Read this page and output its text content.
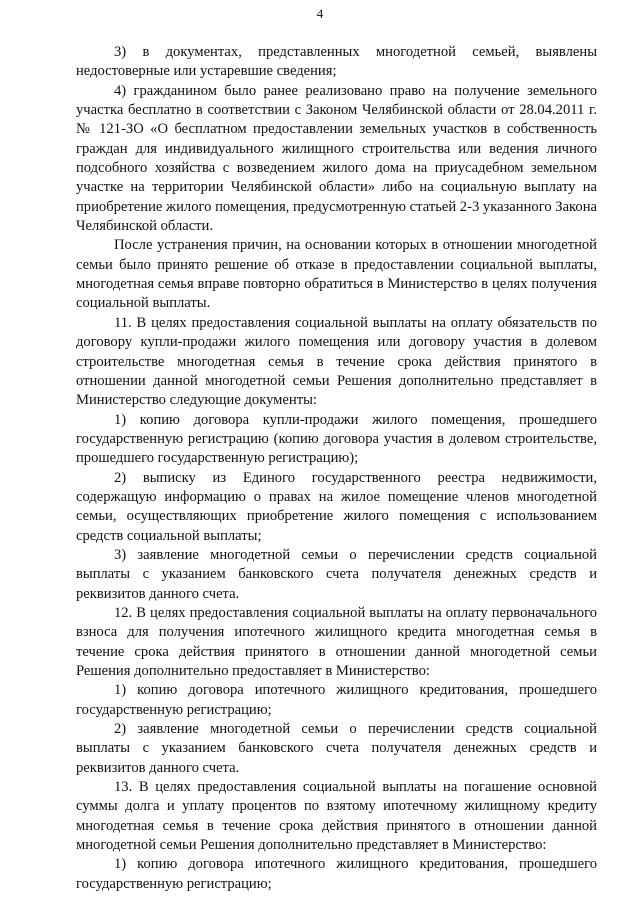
4

3) в документах, представленных многодетной семьей, выявлены недостоверные или устаревшие сведения;

4) гражданином было ранее реализовано право на получение земельного участка бесплатно в соответствии с Законом Челябинской области от 28.04.2011 г. № 121-ЗО «О бесплатном предоставлении земельных участков в собственность граждан для индивидуального жилищного строительства или ведения личного подсобного хозяйства с возведением жилого дома на приусадебном земельном участке на территории Челябинской области» либо на социальную выплату на приобретение жилого помещения, предусмотренную статьей 2-3 указанного Закона Челябинской области.

После устранения причин, на основании которых в отношении многодетной семьи было принято решение об отказе в предоставлении социальной выплаты, многодетная семья вправе повторно обратиться в Министерство в целях получения социальной выплаты.

11. В целях предоставления социальной выплаты на оплату обязательств по договору купли-продажи жилого помещения или договору участия в долевом строительстве многодетная семья в течение срока действия принятого в отношении данной многодетной семьи Решения дополнительно представляет в Министерство следующие документы:

1) копию договора купли-продажи жилого помещения, прошедшего государственную регистрацию (копию договора участия в долевом строительстве, прошедшего государственную регистрацию);

2) выписку из Единого государственного реестра недвижимости, содержащую информацию о правах на жилое помещение членов многодетной семьи, осуществляющих приобретение жилого помещения с использованием средств социальной выплаты;

3) заявление многодетной семьи о перечислении средств социальной выплаты с указанием банковского счета получателя денежных средств и реквизитов данного счета.

12. В целях предоставления социальной выплаты на оплату первоначального взноса для получения ипотечного жилищного кредита многодетная семья в течение срока действия принятого в отношении данной многодетной семьи Решения дополнительно предоставляет в Министерство:

1) копию договора ипотечного жилищного кредитования, прошедшего государственную регистрацию;

2) заявление многодетной семьи о перечислении средств социальной выплаты с указанием банковского счета получателя денежных средств и реквизитов данного счета.

13. В целях предоставления социальной выплаты на погашение основной суммы долга и уплату процентов по взятому ипотечному жилищному кредиту многодетная семья в течение срока действия принятого в отношении данной многодетной семьи Решения дополнительно представляет в Министерство:

1) копию договора ипотечного жилищного кредитования, прошедшего государственную регистрацию;
